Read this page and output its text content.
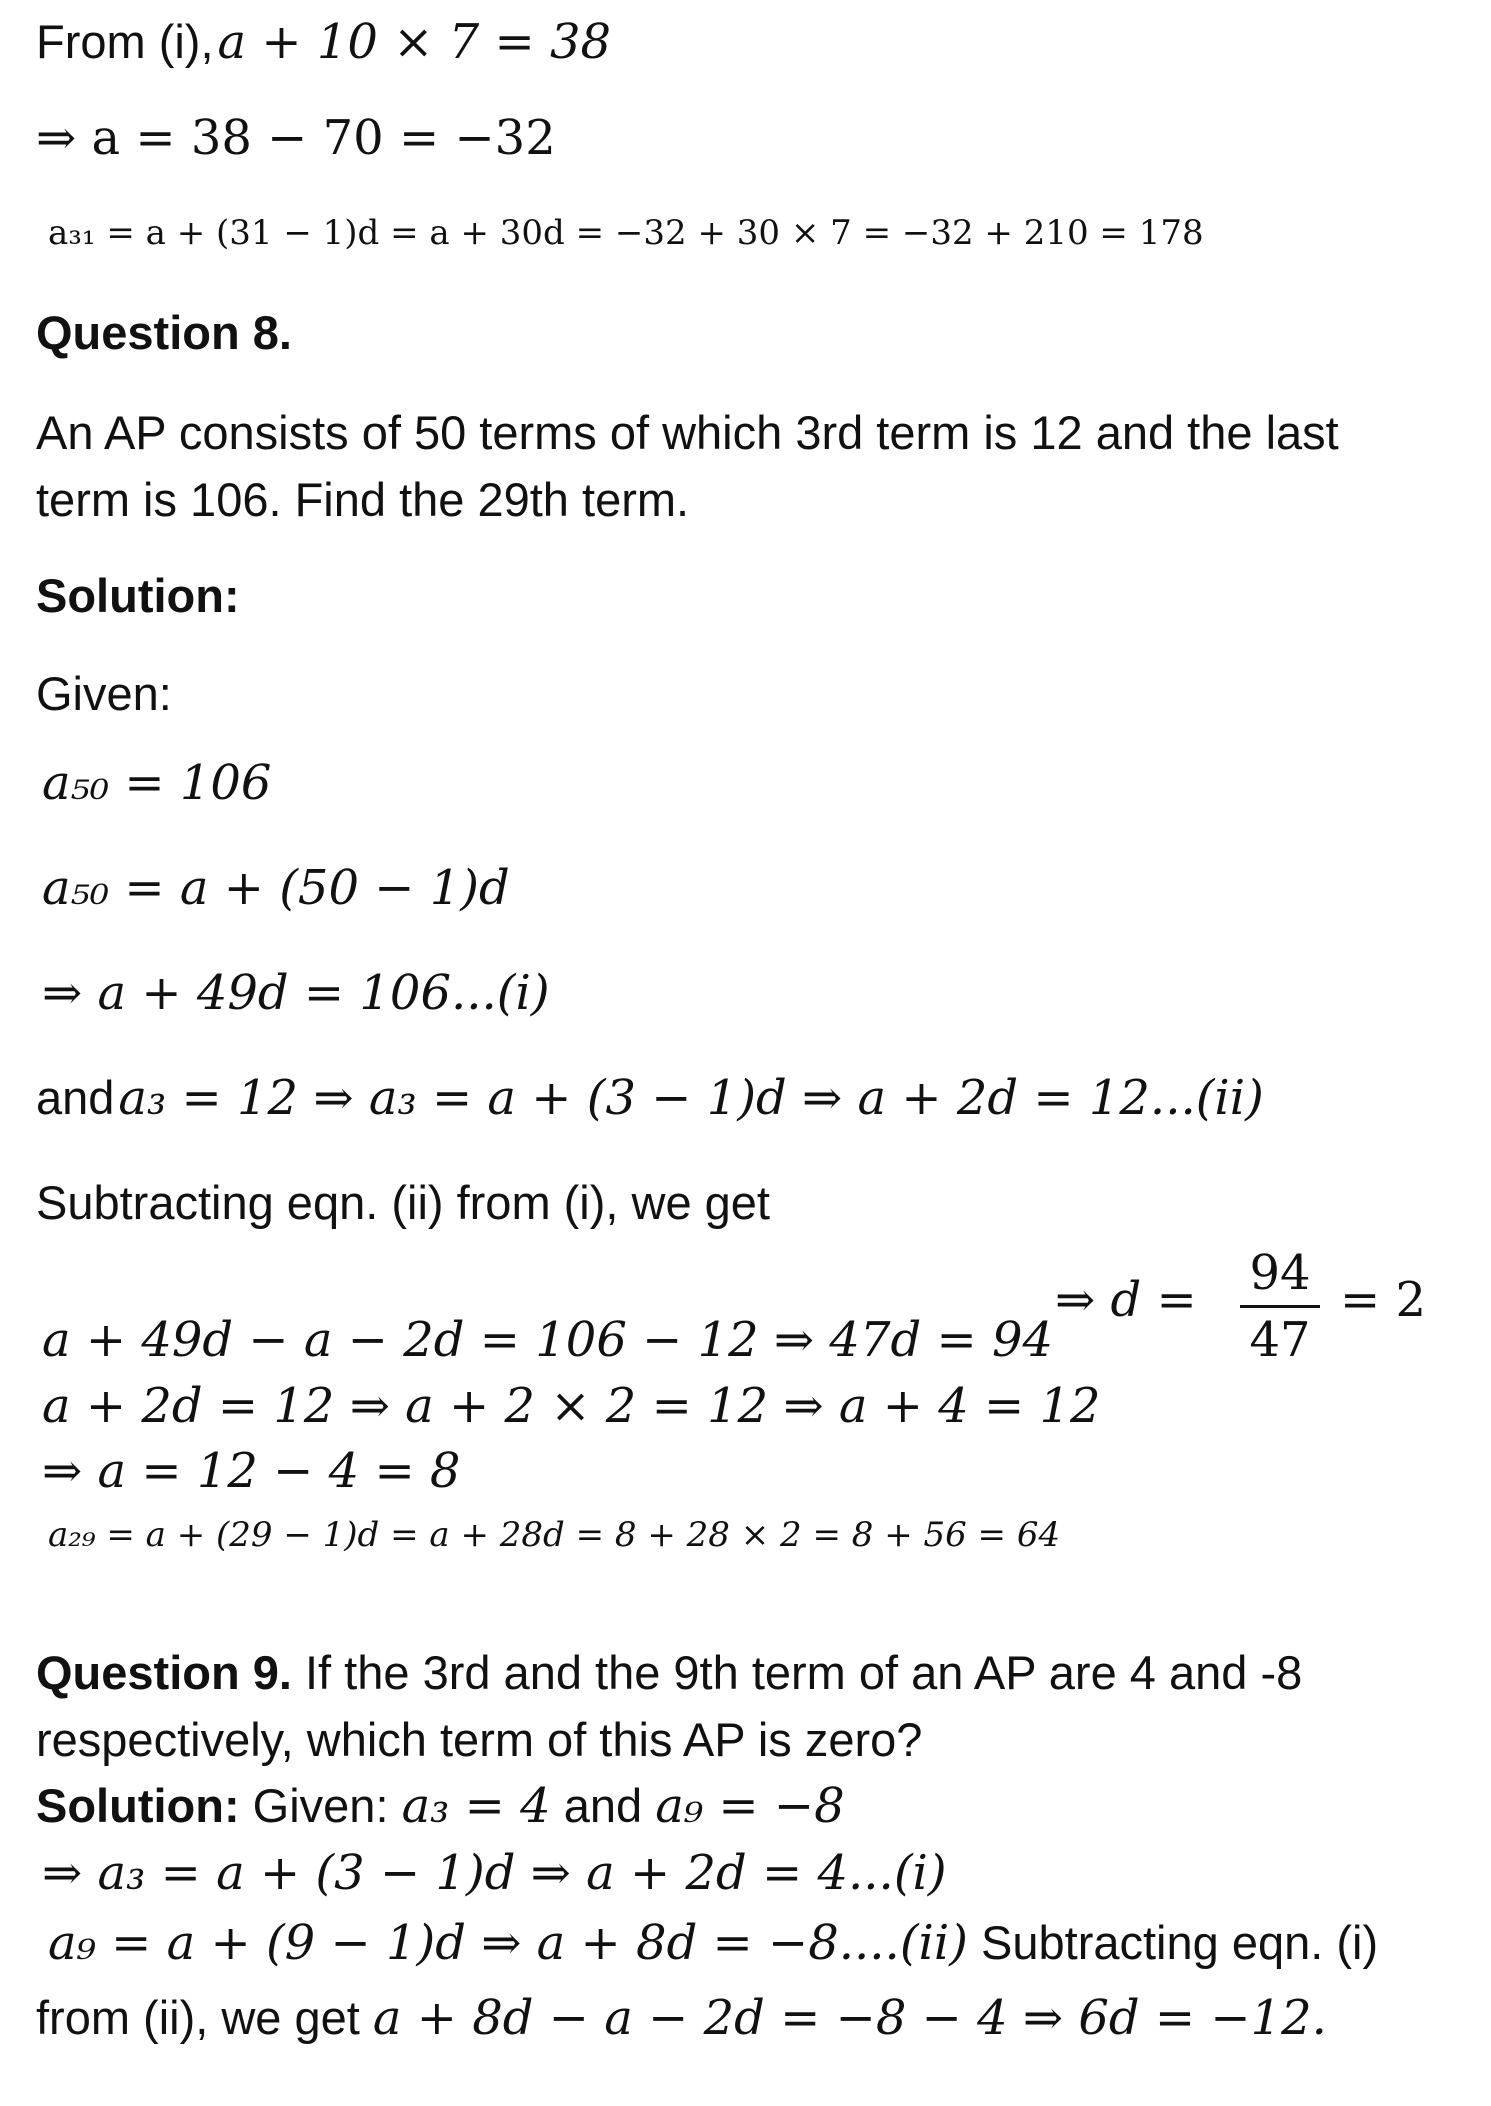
From (i), a + 10 × 7 = 38
⇒ a = 38 − 70 = −32
a₃₁ = a + (31 − 1)d = a + 30d = −32 + 30 × 7 = −32 + 210 = 178
Question 8.
An AP consists of 50 terms of which 3rd term is 12 and the last
term is 106. Find the 29th term.
Solution:
Given:
a₅₀ = 106
a₅₀ = a + (50 − 1)d
⇒ a + 49d = 106...(i)
and a₃ = 12 ⇒ a₃ = a + (3 − 1)d ⇒ a + 2d = 12...(ii)
Subtracting eqn. (ii) from (i), we get
a + 49d − a − 2d = 106 − 12 ⇒ 47d = 94
⇒ d = 94
47
= 2
a + 2d = 12 ⇒ a + 2 × 2 = 12 ⇒ a + 4 = 12
⇒ a = 12 − 4 = 8
a₂₉ = a + (29 − 1)d = a + 28d = 8 + 28 × 2 = 8 + 56 = 64
Question 9. If the 3rd and the 9th term of an AP are 4 and -8
respectively, which term of this AP is zero?
Solution: Given: a₃ = 4 and a₉ = −8
⇒ a₃ = a + (3 − 1)d ⇒ a + 2d = 4...(i)
a₉ = a + (9 − 1)d ⇒ a + 8d = −8....(ii) Subtracting eqn. (i)
from (ii), we get a + 8d − a − 2d = −8 − 4 ⇒ 6d = −12.
